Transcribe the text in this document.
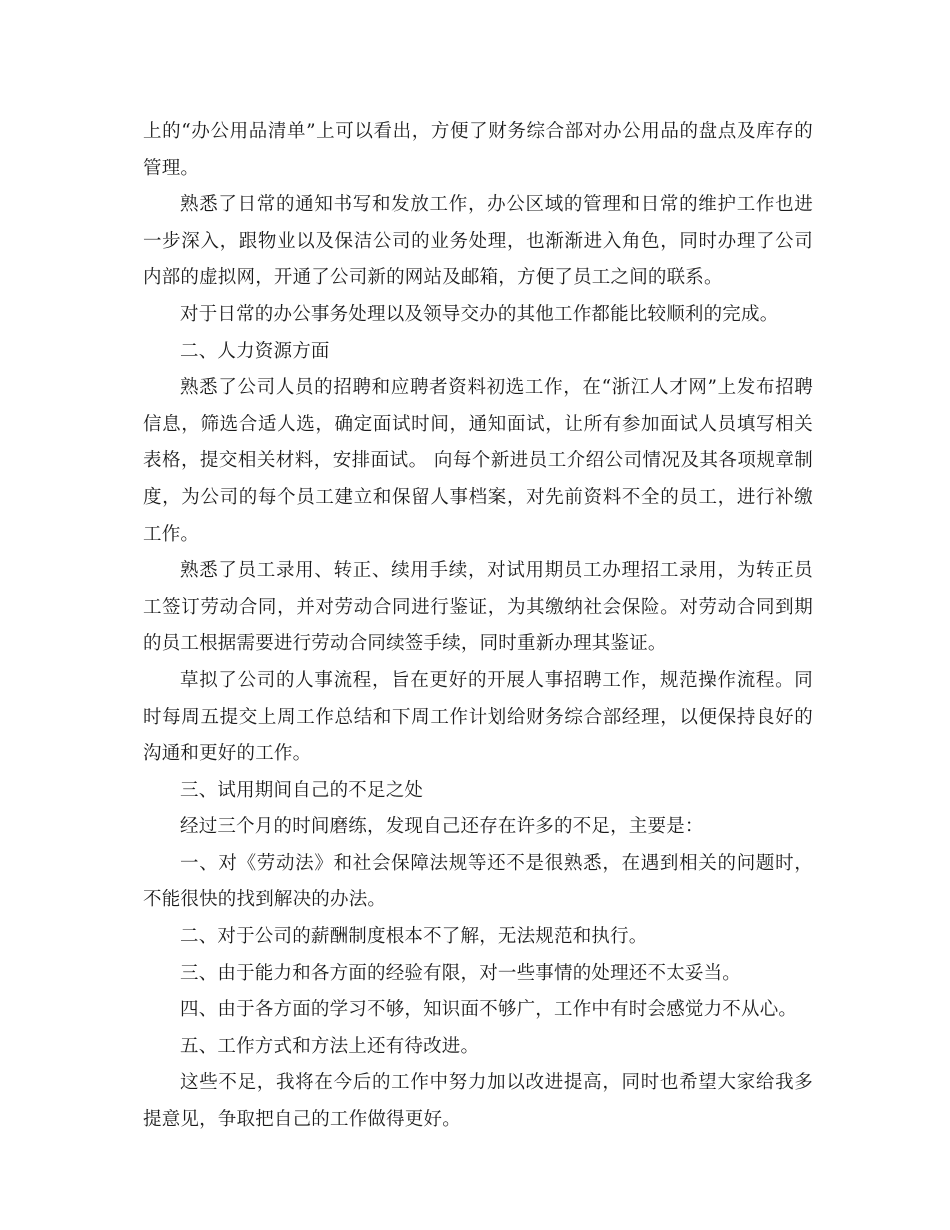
上的“办公用品清单”上可以看出，方便了财务综合部对办公用品的盘点及库存的管理。

熟悉了日常的通知书写和发放工作，办公区域的管理和日常的维护工作也进一步深入，跟物业以及保洁公司的业务处理，也渐渐进入角色，同时办理了公司内部的虚拟网，开通了公司新的网站及邮箱，方便了员工之间的联系。

对于日常的办公事务处理以及领导交办的其他工作都能比较顺利的完成。

二、人力资源方面

熟悉了公司人员的招聘和应聘者资料初选工作，在“浙江人才网”上发布招聘信息，筛选合适人选，确定面试时间，通知面试，让所有参加面试人员填写相关表格，提交相关材料，安排面试。 向每个新进员工介绍公司情况及其各项规章制度，为公司的每个员工建立和保留人事档案，对先前资料不全的员工，进行补缴工作。

熟悉了员工录用、转正、续用手续，对试用期员工办理招工录用，为转正员工签订劳动合同，并对劳动合同进行鉴证，为其缴纳社会保险。对劳动合同到期的员工根据需要进行劳动合同续签手续，同时重新办理其鉴证。

草拟了公司的人事流程，旨在更好的开展人事招聘工作，规范操作流程。同时每周五提交上周工作总结和下周工作计划给财务综合部经理，以便保持良好的沟通和更好的工作。

三、试用期间自己的不足之处

经过三个月的时间磨练，发现自己还存在许多的不足，主要是：

一、对《劳动法》和社会保障法规等还不是很熟悉，在遇到相关的问题时，不能很快的找到解决的办法。

二、对于公司的薪酬制度根本不了解，无法规范和执行。

三、由于能力和各方面的经验有限，对一些事情的处理还不太妥当。

四、由于各方面的学习不够，知识面不够广，工作中有时会感觉力不从心。

五、工作方式和方法上还有待改进。

这些不足，我将在今后的工作中努力加以改进提高，同时也希望大家给我多提意见，争取把自己的工作做得更好。
